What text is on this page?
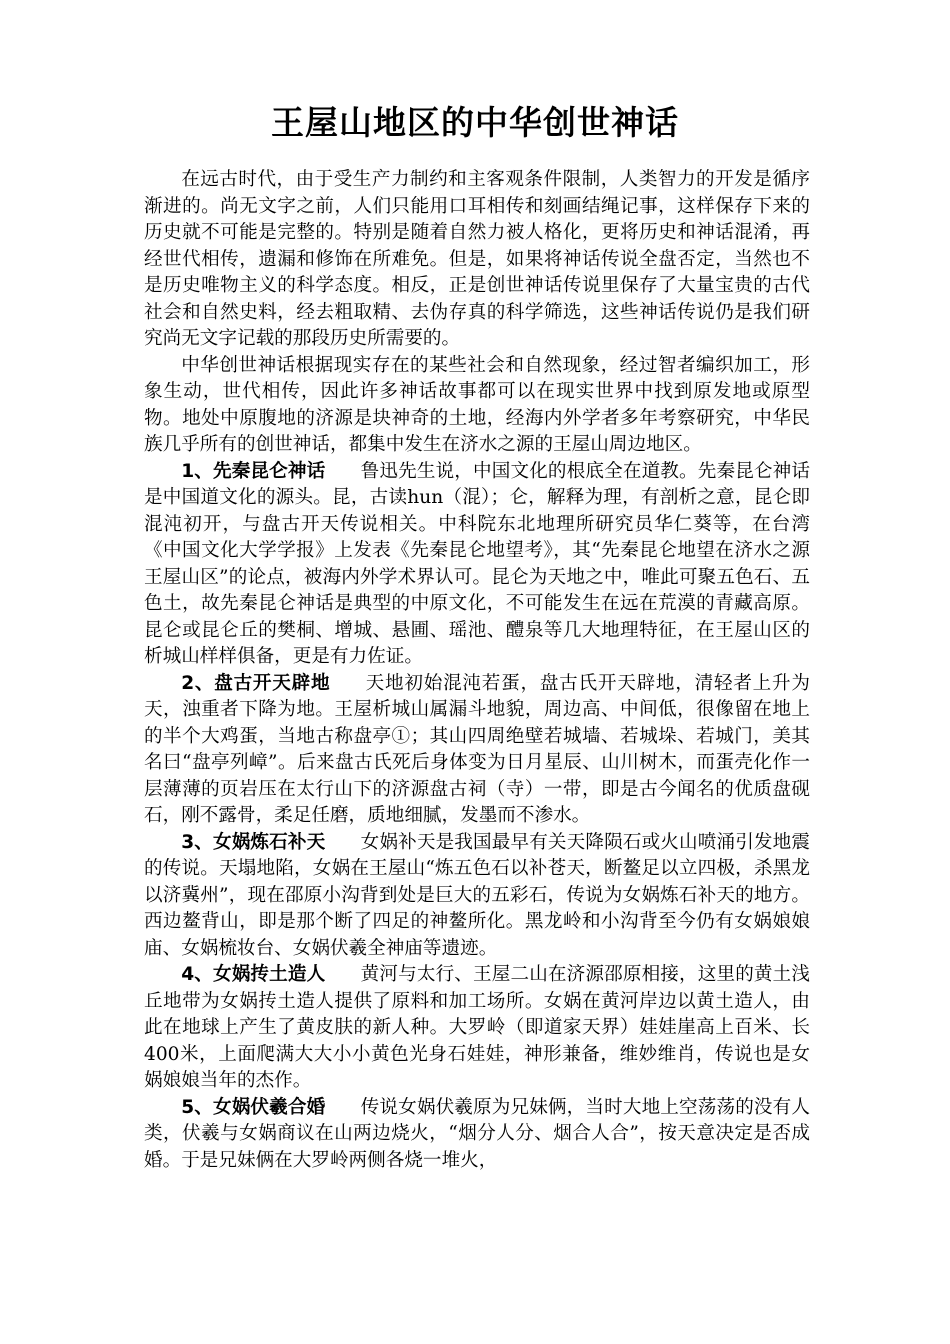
王屋山地区的中华创世神话

在远古时代，由于受生产力制约和主客观条件限制，人类智力的开发是循序渐进的。尚无文字之前，人们只能用口耳相传和刻画结绳记事，这样保存下来的历史就不可能是完整的。特别是随着自然力被人格化，更将历史和神话混淆，再经世代相传，遗漏和修饰在所难免。但是，如果将神话传说全盘否定，当然也不是历史唯物主义的科学态度。相反，正是创世神话传说里保存了大量宝贵的古代社会和自然史料，经去粗取精、去伪存真的科学筛选，这些神话传说仍是我们研究尚无文字记载的那段历史所需要的。

中华创世神话根据现实存在的某些社会和自然现象，经过智者编织加工，形象生动，世代相传，因此许多神话故事都可以在现实世界中找到原发地或原型物。地处中原腹地的济源是块神奇的土地，经海内外学者多年考察研究，中华民族几乎所有的创世神话，都集中发生在济水之源的王屋山周边地区。

1、先秦昆仑神话 鲁迅先生说，中国文化的根底全在道教。先秦昆仑神话是中国道文化的源头。昆，古读hun（混）；仑，解释为理，有剖析之意，昆仑即混沌初开，与盘古开天传说相关。中科院东北地理所研究员华仁葵等，在台湾《中国文化大学学报》上发表《先秦昆仑地望考》，其“先秦昆仑地望在济水之源王屋山区”的论点，被海内外学术界认可。昆仑为天地之中，唯此可聚五色石、五色土，故先秦昆仑神话是典型的中原文化，不可能发生在远在荒漠的青藏高原。昆仑或昆仑丘的樊桐、增城、悬圃、瑶池、醴泉等几大地理特征，在王屋山区的析城山样样俱备，更是有力佐证。

2、盘古开天辟地 天地初始混沌若蛋，盘古氏开天辟地，清轻者上升为天，浊重者下降为地。王屋析城山属漏斗地貌，周边高、中间低，很像留在地上的半个大鸡蛋，当地古称盘亭①；其山四周绝壁若城墙、若城垛、若城门，美其名曰“盘亭列嶂”。后来盘古氏死后身体变为日月星辰、山川树木，而蛋壳化作一层薄薄的页岩压在太行山下的济源盘古祠（寺）一带，即是古今闻名的优质盘砚石，刚不露骨，柔足任磨，质地细腻，发墨而不渗水。

3、女娲炼石补天 女娲补天是我国最早有关天降陨石或火山喷涌引发地震的传说。天塌地陷，女娲在王屋山“炼五色石以补苍天，断鳌足以立四极，杀黑龙以济冀州”，现在邵原小沟背到处是巨大的五彩石，传说为女娲炼石补天的地方。西边鳌背山，即是那个断了四足的神鳌所化。黑龙岭和小沟背至今仍有女娲娘娘庙、女娲梳妆台、女娲伏羲全神庙等遗迹。

4、女娲抟土造人 黄河与太行、王屋二山在济源邵原相接，这里的黄土浅丘地带为女娲抟土造人提供了原料和加工场所。女娲在黄河岸边以黄土造人，由此在地球上产生了黄皮肤的新人种。大罗岭（即道家天界）娃娃崖高上百米、长400米，上面爬满大大小小黄色光身石娃娃，神形兼备，维妙维肖，传说也是女娲娘娘当年的杰作。

5、女娲伏羲合婚 传说女娲伏羲原为兄妹俩，当时大地上空荡荡的没有人类，伏羲与女娲商议在山两边烧火，“烟分人分、烟合人合”，按天意决定是否成婚。于是兄妹俩在大罗岭两侧各烧一堆火，
